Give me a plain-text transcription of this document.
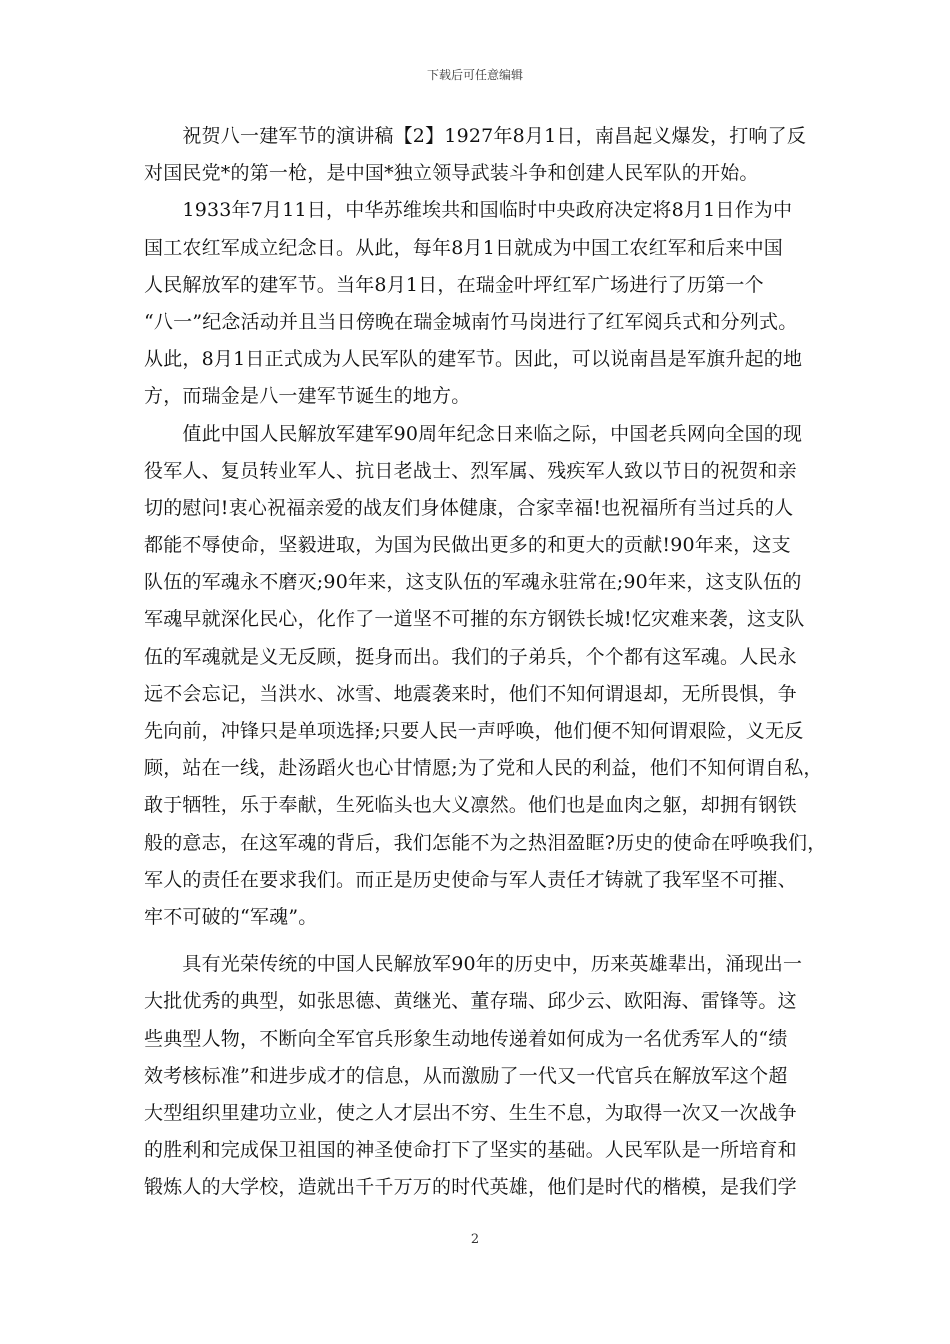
下载后可任意编辑
　　祝贺八一建军节的演讲稿【2】1927年8月1日，南昌起义爆发，打响了反
对国民党*的第一枪，是中国*独立领导武装斗争和创建人民军队的开始。
　　1933年7月11日，中华苏维埃共和国临时中央政府决定将8月1日作为中
国工农红军成立纪念日。从此，每年8月1日就成为中国工农红军和后来中国
人民解放军的建军节。当年8月1日，在瑞金叶坪红军广场进行了历第一个
“八一”纪念活动并且当日傍晚在瑞金城南竹马岗进行了红军阅兵式和分列式。
从此，8月1日正式成为人民军队的建军节。因此，可以说南昌是军旗升起的地
方，而瑞金是八一建军节诞生的地方。
　　值此中国人民解放军建军90周年纪念日来临之际，中国老兵网向全国的现
役军人、复员转业军人、抗日老战士、烈军属、残疾军人致以节日的祝贺和亲
切的慰问!衷心祝福亲爱的战友们身体健康，合家幸福!也祝福所有当过兵的人
都能不辱使命，坚毅进取，为国为民做出更多的和更大的贡献!90年来，这支
队伍的军魂永不磨灭;90年来，这支队伍的军魂永驻常在;90年来，这支队伍的
军魂早就深化民心，化作了一道坚不可摧的东方钢铁长城!忆灾难来袭，这支队
伍的军魂就是义无反顾，挺身而出。我们的子弟兵，个个都有这军魂。人民永
远不会忘记，当洪水、冰雪、地震袭来时，他们不知何谓退却，无所畏惧，争
先向前，冲锋只是单项选择;只要人民一声呼唤，他们便不知何谓艰险，义无反
顾，站在一线，赴汤蹈火也心甘情愿;为了党和人民的利益，他们不知何谓自私，
敢于牺牲，乐于奉献，生死临头也大义凛然。他们也是血肉之躯，却拥有钢铁
般的意志，在这军魂的背后，我们怎能不为之热泪盈眶?历史的使命在呼唤我们，
军人的责任在要求我们。而正是历史使命与军人责任才铸就了我军坚不可摧、
牢不可破的“军魂”。
　　具有光荣传统的中国人民解放军90年的历史中，历来英雄辈出，涌现出一
大批优秀的典型，如张思德、黄继光、董存瑞、邱少云、欧阳海、雷锋等。这
些典型人物，不断向全军官兵形象生动地传递着如何成为一名优秀军人的“绩
效考核标准”和进步成才的信息，从而激励了一代又一代官兵在解放军这个超
大型组织里建功立业，使之人才层出不穷、生生不息，为取得一次又一次战争
的胜利和完成保卫祖国的神圣使命打下了坚实的基础。人民军队是一所培育和
锻炼人的大学校，造就出千千万万的时代英雄，他们是时代的楷模，是我们学
2
